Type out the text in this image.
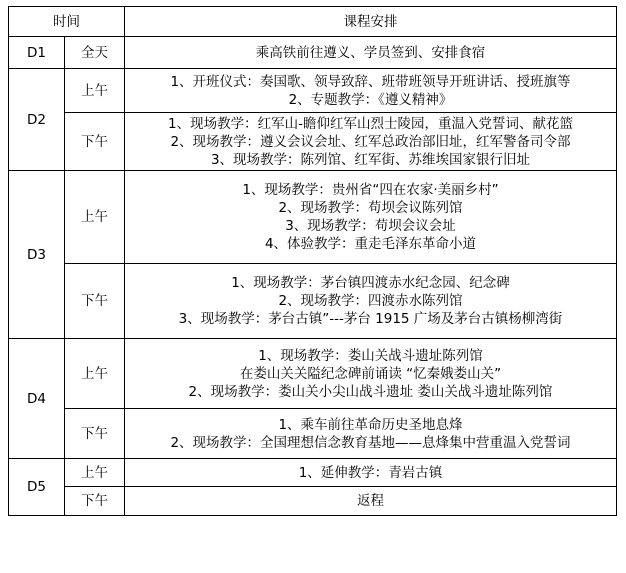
时间		课程安排
D1	全天	乘高铁前往遵义、学员签到、安排食宿

D2	上午	1、开班仪式：奏国歌、领导致辞、班带班领导开班讲话、授班旗等
2、专题教学：《遵义精神》

	下午	1、现场教学：红军山-瞻仰红军山烈士陵园，重温入党誓词、献花篮
2、现场教学：遵义会议会址、红军总政治部旧址，红军警备司令部
3、现场教学：陈列馆、红军街、苏维埃国家银行旧址

D3	上午	1、现场教学：贵州省“四在农家·美丽乡村”
2、现场教学：苟坝会议陈列馆
3、现场教学：苟坝会议会址
4、体验教学：重走毛泽东革命小道

	下午	1、现场教学：茅台镇四渡赤水纪念园、纪念碑
2、现场教学：四渡赤水陈列馆
3、现场教学：茅台古镇”---茅台 1915 广场及茅台古镇杨柳湾街

D4	上午	1、现场教学：娄山关战斗遗址陈列馆
在娄山关关隘纪念碑前诵读 “忆秦娥娄山关”
2、现场教学：娄山关小尖山战斗遗址 娄山关战斗遗址陈列馆

	下午	1、乘车前往革命历史圣地息烽
2、现场教学：全国理想信念教育基地——息烽集中营重温入党誓词

D5	上午	1、延伸教学：青岩古镇

	下午	返程
